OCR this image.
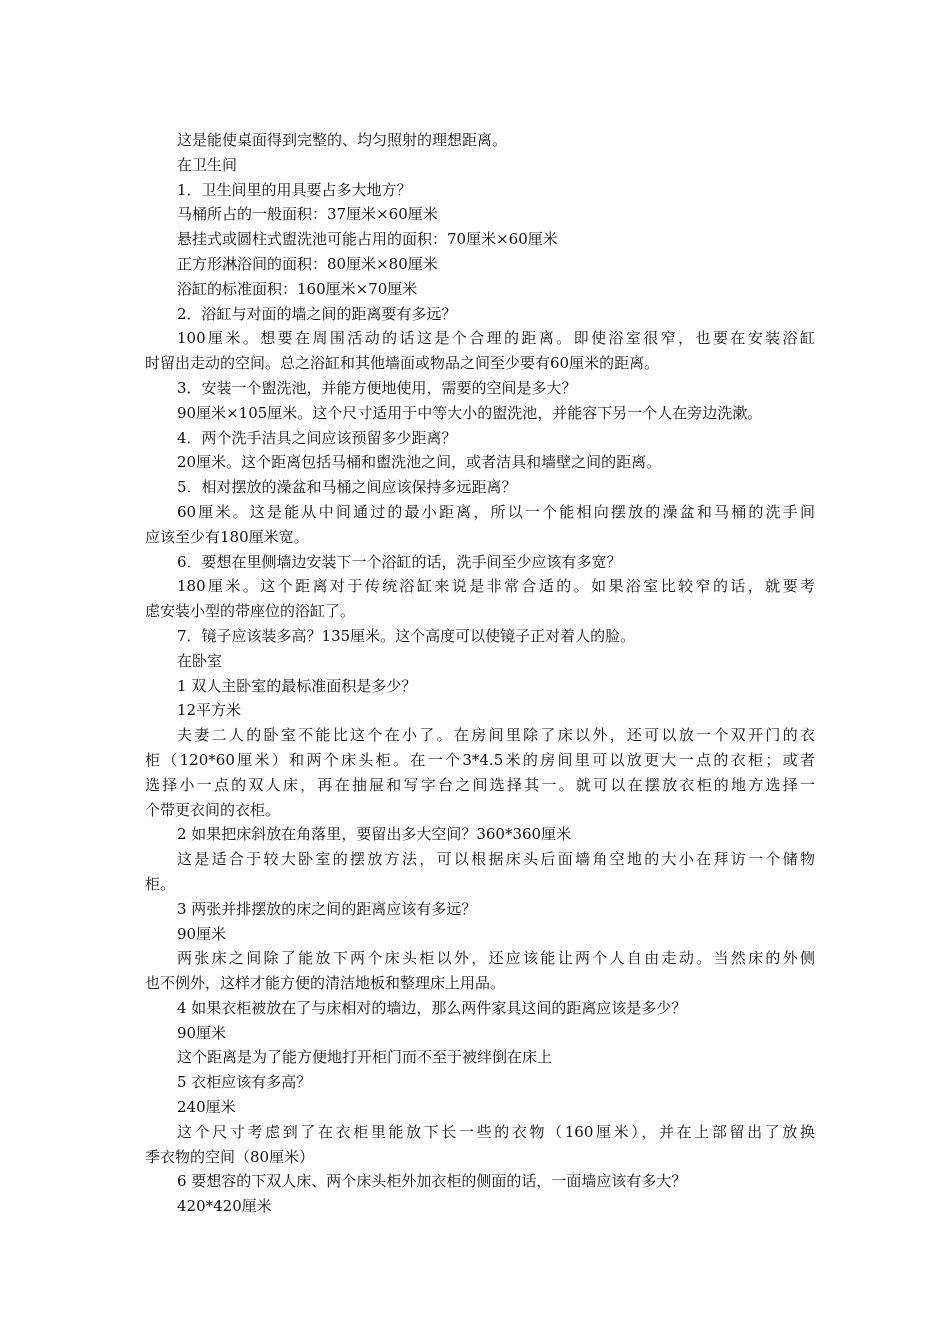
这是能使桌面得到完整的、均匀照射的理想距离。
在卫生间
1．卫生间里的用具要占多大地方？
马桶所占的一般面积：37厘米×60厘米
悬挂式或圆柱式盥洗池可能占用的面积：70厘米×60厘米
正方形淋浴间的面积：80厘米×80厘米
浴缸的标准面积：160厘米×70厘米
2．浴缸与对面的墙之间的距离要有多远？
100厘米。想要在周围活动的话这是个合理的距离。即使浴室很窄，也要在安装浴缸
时留出走动的空间。总之浴缸和其他墙面或物品之间至少要有60厘米的距离。
3．安装一个盥洗池，并能方便地使用，需要的空间是多大？
90厘米×105厘米。这个尺寸适用于中等大小的盥洗池，并能容下另一个人在旁边洗漱。
4．两个洗手洁具之间应该预留多少距离？
20厘米。这个距离包括马桶和盥洗池之间，或者洁具和墙壁之间的距离。
5．相对摆放的澡盆和马桶之间应该保持多远距离？
60厘米。这是能从中间通过的最小距离，所以一个能相向摆放的澡盆和马桶的洗手间
应该至少有180厘米宽。
6．要想在里侧墙边安装下一个浴缸的话，洗手间至少应该有多宽？
180厘米。这个距离对于传统浴缸来说是非常合适的。如果浴室比较窄的话，就要考
虑安装小型的带座位的浴缸了。
7．镜子应该装多高？135厘米。这个高度可以使镜子正对着人的脸。
在卧室
1 双人主卧室的最标准面积是多少？
12平方米
夫妻二人的卧室不能比这个在小了。在房间里除了床以外，还可以放一个双开门的衣
柜（120*60厘米）和两个床头柜。在一个3*4.5米的房间里可以放更大一点的衣柜；或者
选择小一点的双人床，再在抽屉和写字台之间选择其一。就可以在摆放衣柜的地方选择一
个带更衣间的衣柜。
2 如果把床斜放在角落里，要留出多大空间？360*360厘米
这是适合于较大卧室的摆放方法，可以根据床头后面墙角空地的大小在拜访一个储物
柜。
3 两张并排摆放的床之间的距离应该有多远？
90厘米
两张床之间除了能放下两个床头柜以外，还应该能让两个人自由走动。当然床的外侧
也不例外，这样才能方便的清洁地板和整理床上用品。
4 如果衣柜被放在了与床相对的墙边，那么两件家具这间的距离应该是多少？
90厘米
这个距离是为了能方便地打开柜门而不至于被绊倒在床上
5 衣柜应该有多高？
240厘米
这个尺寸考虑到了在衣柜里能放下长一些的衣物（160厘米），并在上部留出了放换
季衣物的空间（80厘米）
6 要想容的下双人床、两个床头柜外加衣柜的侧面的话，一面墙应该有多大？
420*420厘米
